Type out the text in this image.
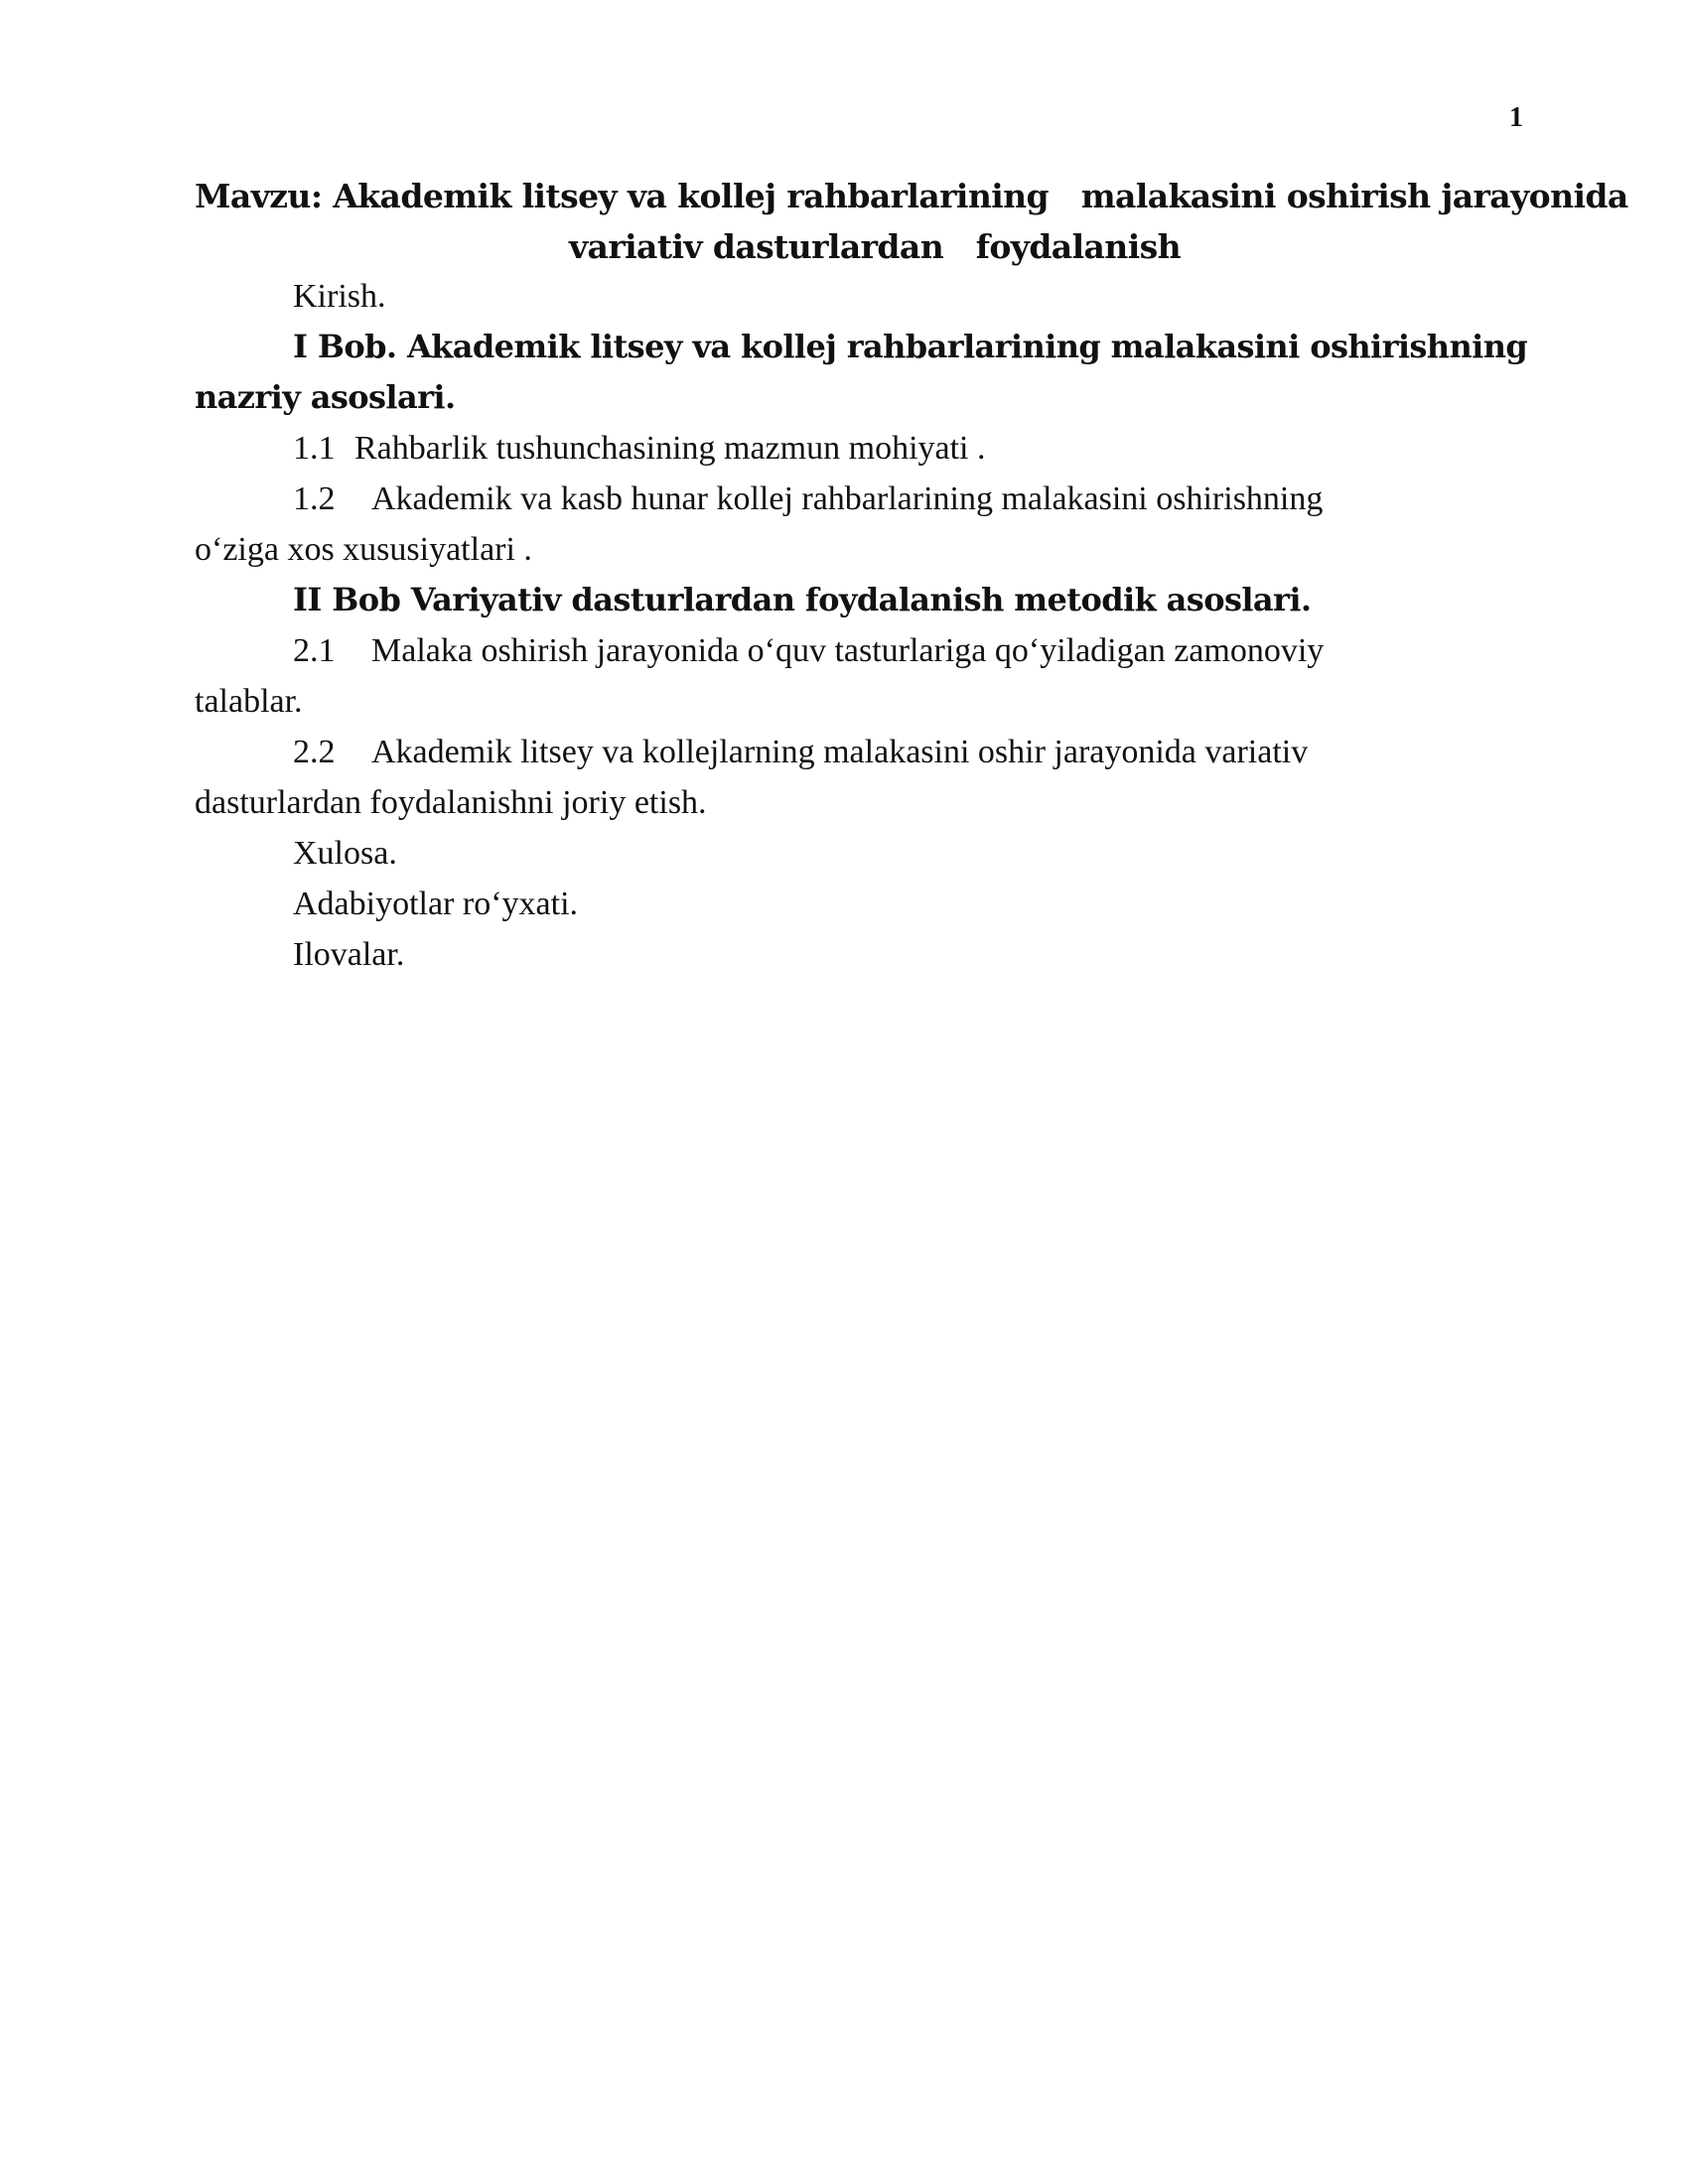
1
Mavzu: Akademik litsey va kollej rahbarlarining   malakasini oshirish jarayonida
variativ dasturlardan   foydalanish

Kirish.

I Bob. Akademik litsey va kollej rahbarlarining malakasini oshirishning

nazriy asoslari.

1.1 Rahbarlik tushunchasining mazmun mohiyati .

1.2 Akademik va kasb hunar kollej rahbarlarining malakasini oshirishning

o‘ziga xos xususiyatlari .

II Bob Variyativ dasturlardan foydalanish metodik asoslari.

2.1 Malaka oshirish jarayonida o‘quv tasturlariga qo‘yiladigan zamonoviy

talablar.

2.2 Akademik litsey va kollejlarning malakasini oshir jarayonida variativ

dasturlardan foydalanishni joriy etish.

Xulosa.

Adabiyotlar ro‘yxati.

Ilovalar.
